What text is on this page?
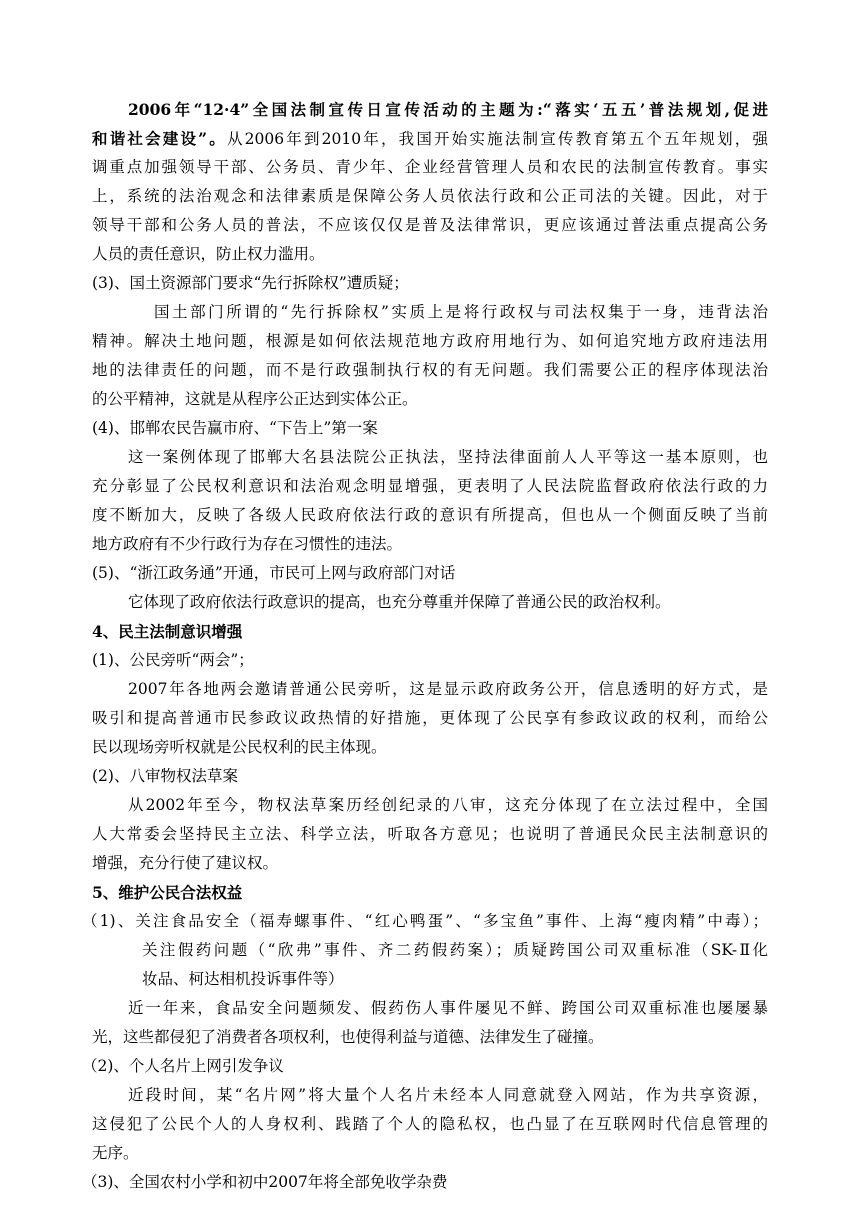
2006年“12·4”全国法制宣传日宣传活动的主题为:“落实‘五五’普法规划,促进
和谐社会建设”。从2006年到2010年，我国开始实施法制宣传教育第五个五年规划，强
调重点加强领导干部、公务员、青少年、企业经营管理人员和农民的法制宣传教育。事实
上，系统的法治观念和法律素质是保障公务人员依法行政和公正司法的关键。因此，对于
领导干部和公务人员的普法，不应该仅仅是普及法律常识，更应该通过普法重点提高公务
人员的责任意识，防止权力滥用。
(3)、国土资源部门要求“先行拆除权”遭质疑；
国土部门所谓的“先行拆除权”实质上是将行政权与司法权集于一身，违背法治
精神。解决土地问题，根源是如何依法规范地方政府用地行为、如何追究地方政府违法用
地的法律责任的问题，而不是行政强制执行权的有无问题。我们需要公正的程序体现法治
的公平精神，这就是从程序公正达到实体公正。
(4)、邯郸农民告赢市府、“下告上”第一案
这一案例体现了邯郸大名县法院公正执法，坚持法律面前人人平等这一基本原则，也
充分彰显了公民权利意识和法治观念明显增强，更表明了人民法院监督政府依法行政的力
度不断加大，反映了各级人民政府依法行政的意识有所提高，但也从一个侧面反映了当前
地方政府有不少行政行为存在习惯性的违法。
(5)、“浙江政务通”开通，市民可上网与政府部门对话
它体现了政府依法行政意识的提高，也充分尊重并保障了普通公民的政治权利。
4、民主法制意识增强
(1)、公民旁听“两会”；
2007年各地两会邀请普通公民旁听，这是显示政府政务公开，信息透明的好方式，是
吸引和提高普通市民参政议政热情的好措施，更体现了公民享有参政议政的权利，而给公
民以现场旁听权就是公民权利的民主体现。
(2)、八审物权法草案
从2002年至今，物权法草案历经创纪录的八审，这充分体现了在立法过程中，全国
人大常委会坚持民主立法、科学立法，听取各方意见；也说明了普通民众民主法制意识的
增强，充分行使了建议权。
5、维护公民合法权益
（1)、关注食品安全（福寿螺事件、“红心鸭蛋”、“多宝鱼”事件、上海“瘦肉精”中毒）；
关注假药问题（“欣弗”事件、齐二药假药案）；质疑跨国公司双重标准（SK-Ⅱ化
妆品、柯达相机投诉事件等）
近一年来，食品安全问题频发、假药伤人事件屡见不鲜、跨国公司双重标准也屡屡暴
光，这些都侵犯了消费者各项权利，也使得利益与道德、法律发生了碰撞。
（2)、个人名片上网引发争议
近段时间，某“名片网”将大量个人名片未经本人同意就登入网站，作为共享资源，
这侵犯了公民个人的人身权利、践踏了个人的隐私权，也凸显了在互联网时代信息管理的
无序。
（3)、全国农村小学和初中2007年将全部免收学杂费
